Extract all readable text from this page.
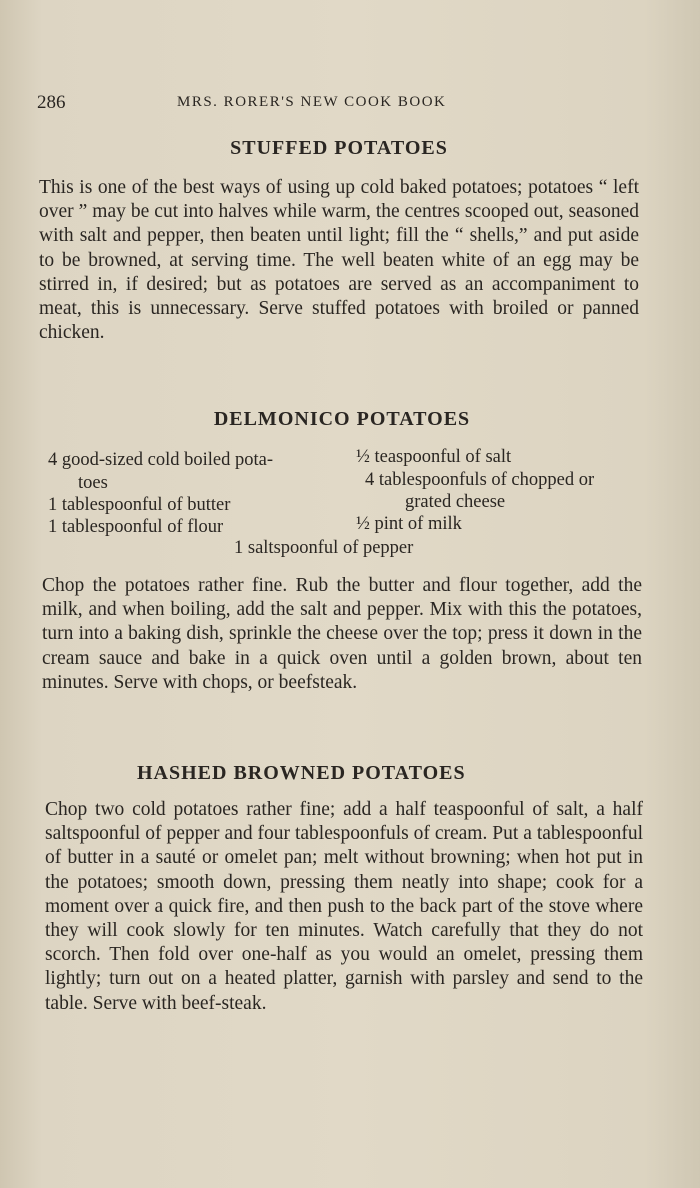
286	MRS. RORER'S NEW COOK BOOK
STUFFED POTATOES

This is one of the best ways of using up cold baked potatoes; potatoes “ left over ” may be cut into halves while warm, the centres scooped out, seasoned with salt and pepper, then beaten until light; fill the “ shells,” and put aside to be browned, at serving time. The well beaten white of an egg may be stirred in, if desired; but as potatoes are served as an accompaniment to meat, this is unnecessary. Serve stuffed potatoes with broiled or panned chicken.

DELMONICO POTATOES
4 good-sized cold boiled pota-
toes
1 tablespoonful of butter
1 tablespoonful of flour
½ teaspoonful of salt
4 tablespoonfuls of chopped or
grated cheese
½ pint of milk
1 saltspoonful of pepper

Chop the potatoes rather fine. Rub the butter and flour together, add the milk, and when boiling, add the salt and pepper. Mix with this the potatoes, turn into a baking dish, sprinkle the cheese over the top; press it down in the cream sauce and bake in a quick oven until a golden brown, about ten minutes. Serve with chops, or beefsteak.

HASHED BROWNED POTATOES

Chop two cold potatoes rather fine; add a half teaspoonful of salt, a half saltspoonful of pepper and four tablespoonfuls of cream. Put a tablespoonful of butter in a sauté or omelet pan; melt without browning; when hot put in the potatoes; smooth down, pressing them neatly into shape; cook for a moment over a quick fire, and then push to the back part of the stove where they will cook slowly for ten minutes. Watch carefully that they do not scorch. Then fold over one-half as you would an omelet, pressing them lightly; turn out on a heated platter, garnish with parsley and send to the table. Serve with beef-steak.
